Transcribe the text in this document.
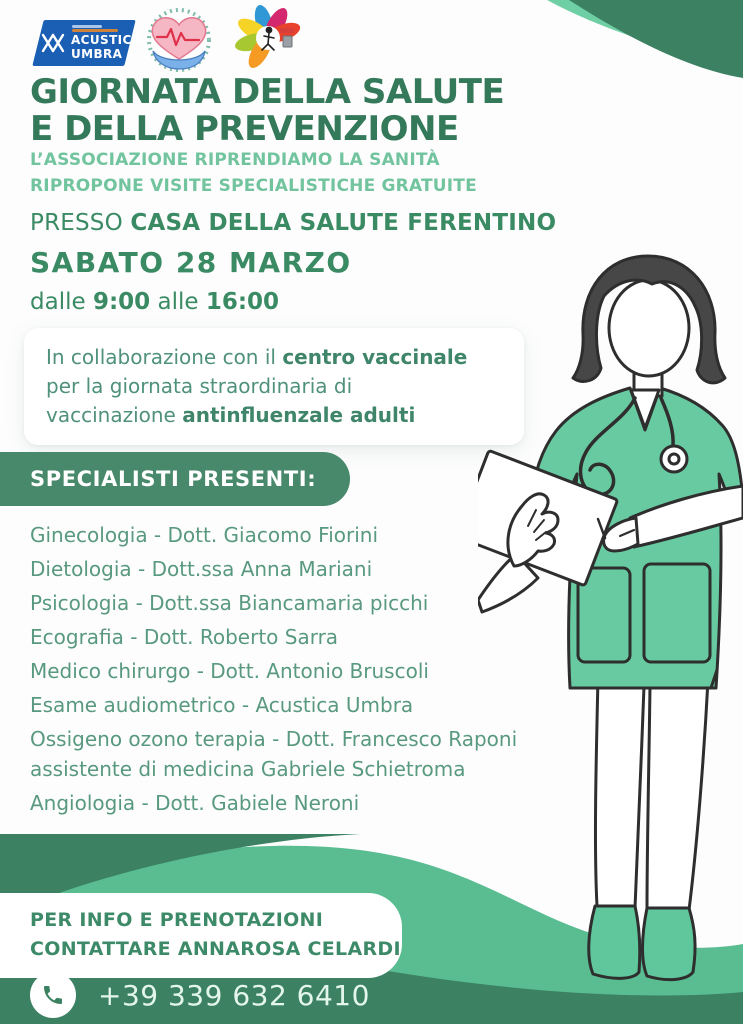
ACUSTICA
UMBRA
GIORNATA DELLA SALUTE
E DELLA PREVENZIONE
L’ASSOCIAZIONE RIPRENDIAMO LA SANITÀ
RIPROPONE VISITE SPECIALISTICHE GRATUITE
PRESSO CASA DELLA SALUTE FERENTINO
SABATO 28 MARZO
dalle 9:00 alle 16:00
In collaborazione con il centro vaccinale
per la giornata straordinaria di
vaccinazione antinfluenzale adulti
SPECIALISTI PRESENTI:
Ginecologia - Dott. Giacomo Fiorini
Dietologia - Dott.ssa Anna Mariani
Psicologia - Dott.ssa Biancamaria picchi
Ecografia - Dott. Roberto Sarra
Medico chirurgo - Dott. Antonio Bruscoli
Esame audiometrico - Acustica Umbra
Ossigeno ozono terapia - Dott. Francesco Raponi assistente di medicina Gabriele Schietroma
Angiologia - Dott. Gabiele Neroni
PER INFO E PRENOTAZIONI
CONTATTARE ANNAROSA CELARDI
+39 339 632 6410
